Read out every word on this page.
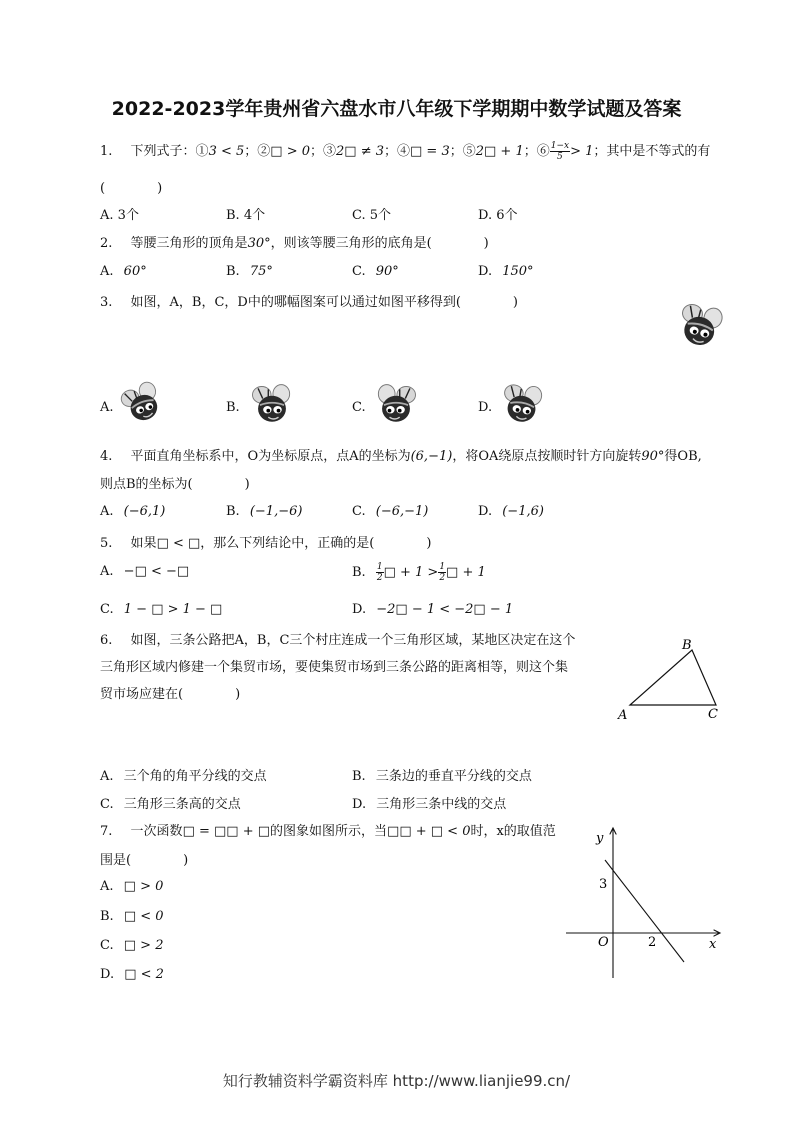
2022-2023学年贵州省六盘水市八年级下学期期中数学试题及答案
1. 下列式子：①3 < 5；②□ > 0；③2□ ≠ 3；④□ = 3；⑤2□ + 1；⑥ $\frac{1-x}{5} > 1$；其中是不等式的有
(　　　　)
A. 3个	B. 4个	C. 5个	D. 6个
2. 等腰三角形的顶角是30°，则该等腰三角形的底角是(　　　　)
A. 60°	B. 75°	C. 90°	D. 150°
3. 如图，A，B，C，D中的哪幅图案可以通过如图平移得到(　　　　)
A.	B.	C.	D.
4. 平面直角坐标系中，O为坐标原点，点A的坐标为(6,−1)，将OA绕原点按顺时针方向旋转90°得OB,
则点B的坐标为(　　　　)
A. (−6,1)	B. (−1,−6)	C. (−6,−1)	D. (−1,6)
5. 如果□ < □，那么下列结论中，正确的是(　　　　)
A. −□ < −□	B. $\frac{1}{2}$ □ + $1 > \frac{1}{2}$ □ + 1
C. 1 − □ > 1 − □	D. −2□ − 1 < −2□ − 1
6. 如图，三条公路把A，B，C三个村庄连成一个三角形区域，某地区决定在这个
三角形区域内修建一个集贸市场，要使集贸市场到三条公路的距离相等，则这个集
贸市场应建在(　　　　)
B
A	C
A. 三个角的角平分线的交点	B. 三条边的垂直平分线的交点
C. 三角形三条高的交点	D. 三角形三条中线的交点
7. 一次函数□ = □□ + □的图象如图所示，当□□ + □ < 0时，x的取值范
围是(　　　　)
A. □ > 0
B. □ < 0
C. □ > 2
D. □ < 2
y
x
O
3
2
知行教辅资料学霸资料库 http://www.lianjie99.cn/
